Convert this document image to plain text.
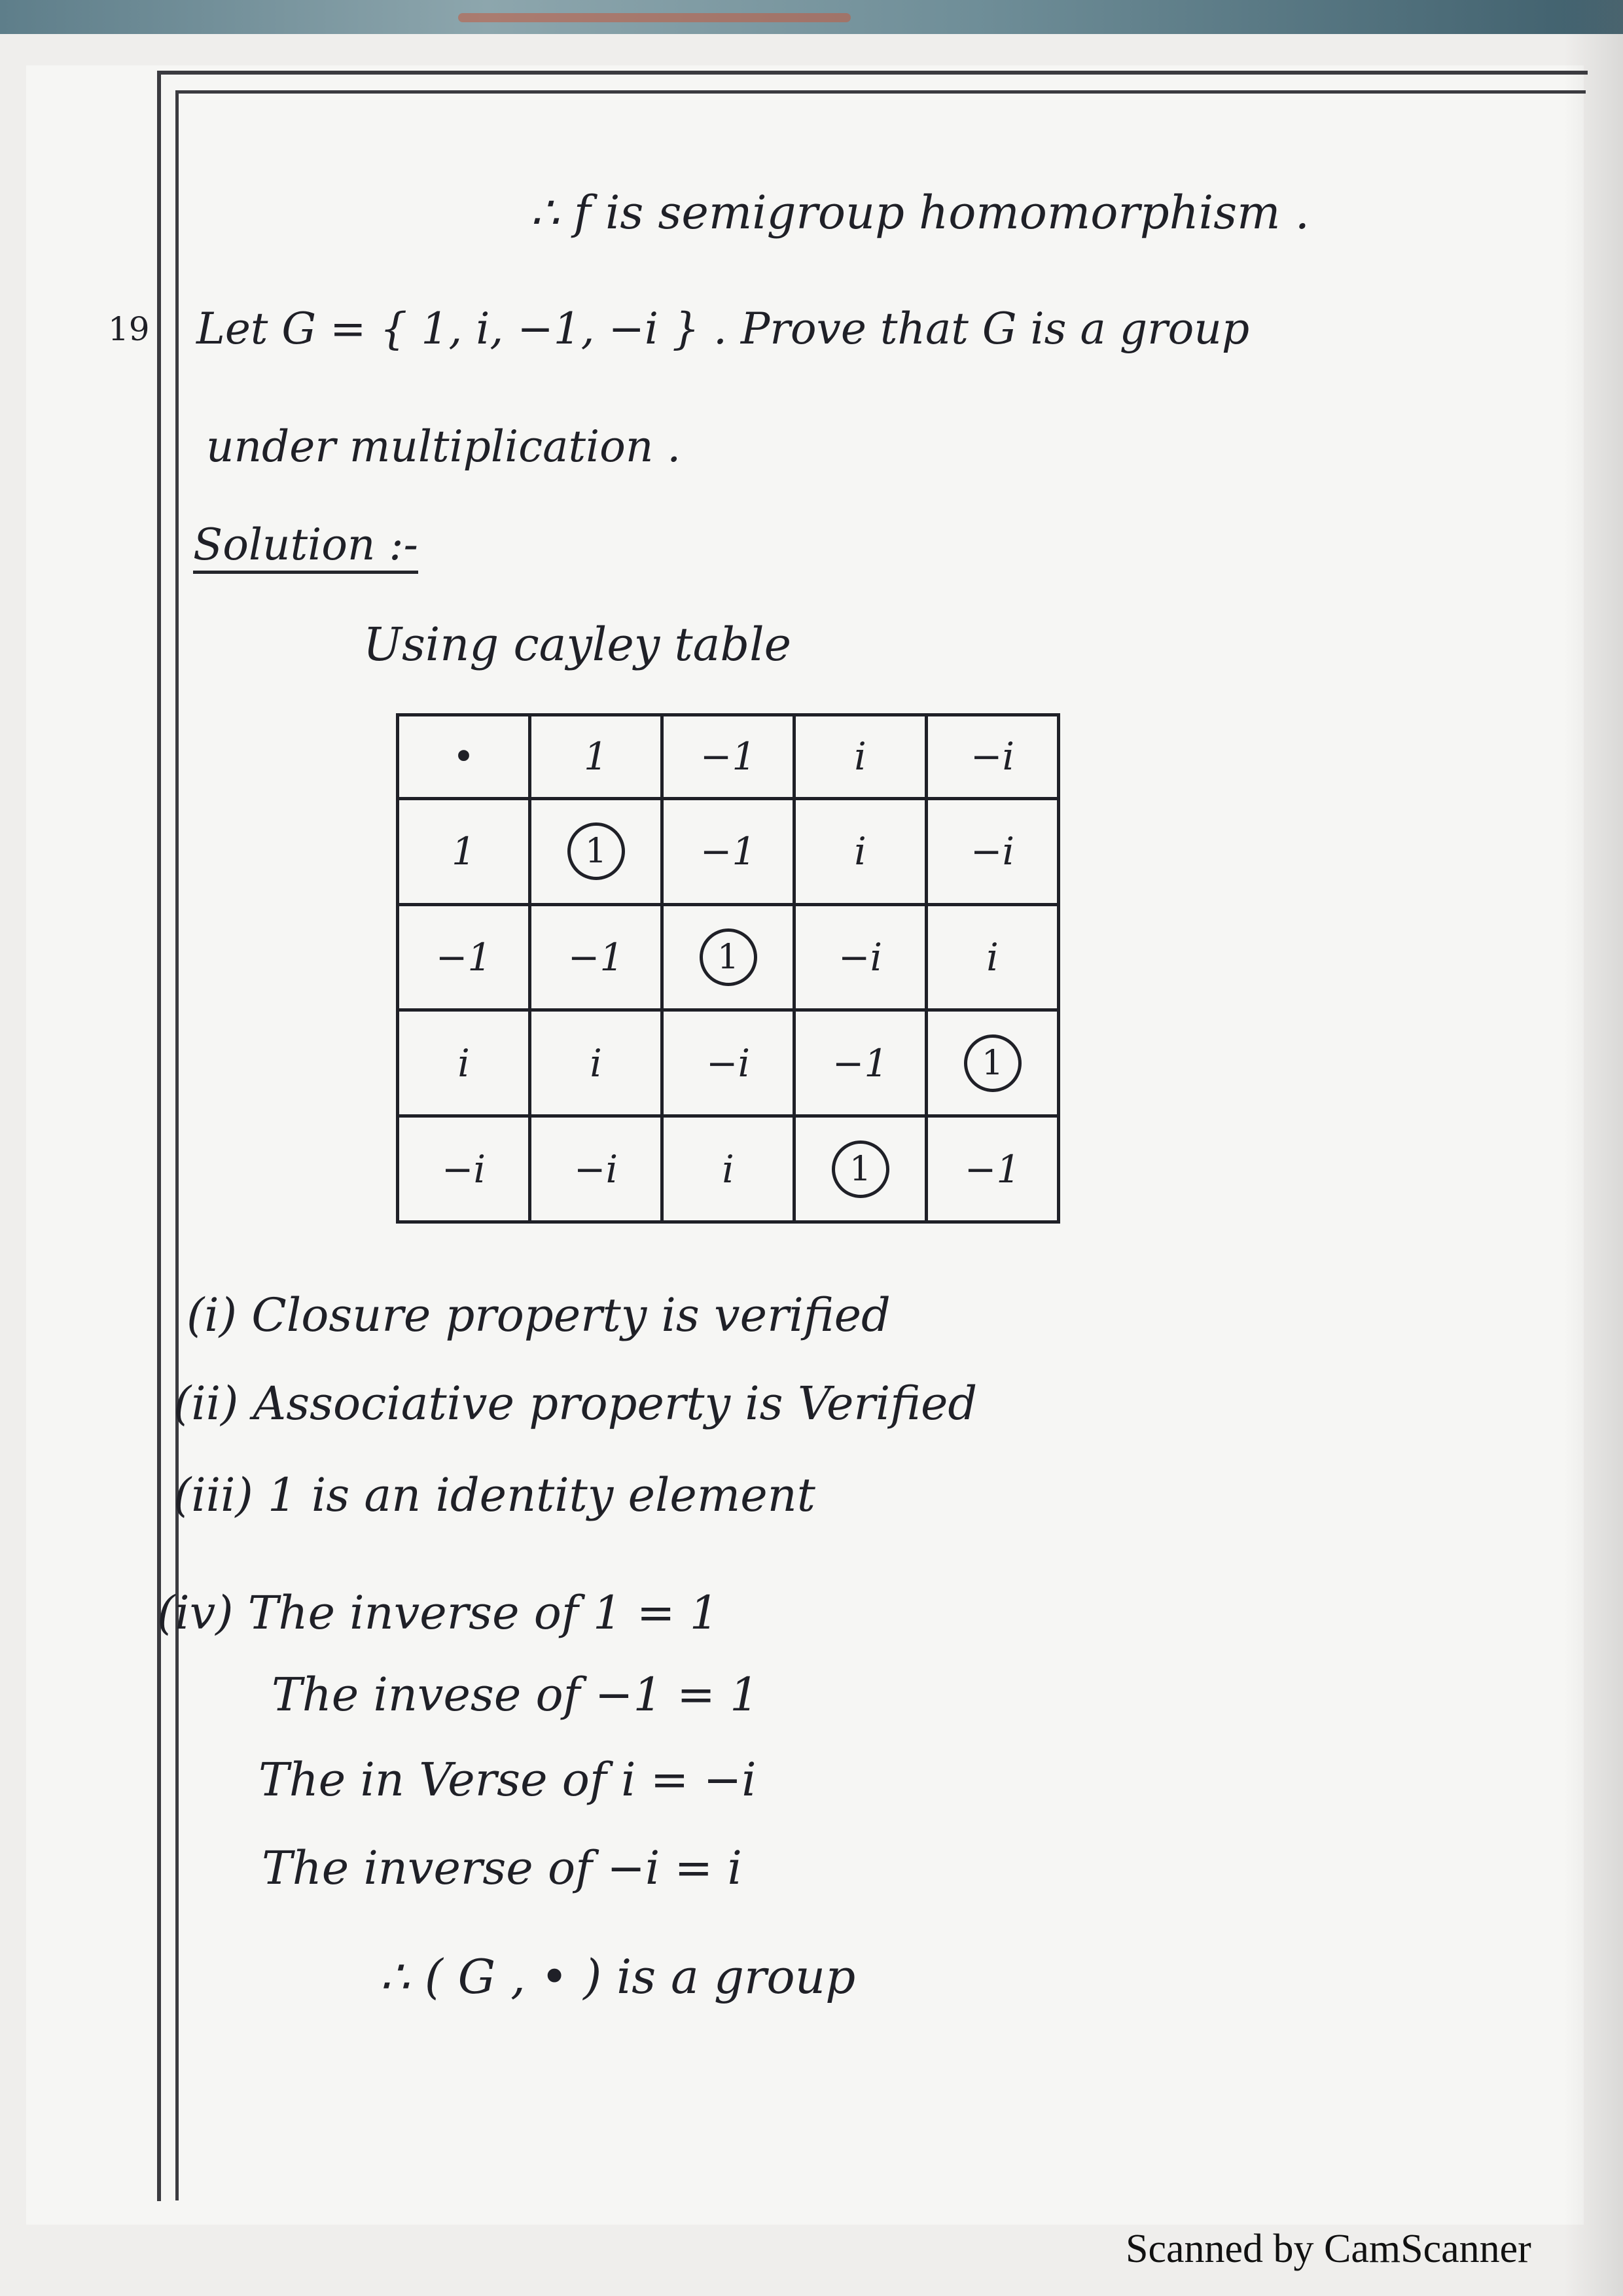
∴ f is semigroup homomorphism .
19 Let G = { 1, i, −1, −i } . Prove that G is a group
under multiplication .
Solution :-
Using cayley table
•	1	−1	i	−i
1	1	−1	i	−i
−1	−1	1	−i	i
i	i	−i	−1	1
−i	−i	i	1	−1
(i) Closure property is verified
(ii) Associative property is Verified
(iii) 1 is an identity element
(iv) The inverse of 1 = 1
The invese of −1 = 1
The in Verse of i = −i
The inverse of −i = i
∴ ( G , • ) is a group
Scanned by CamScanner
